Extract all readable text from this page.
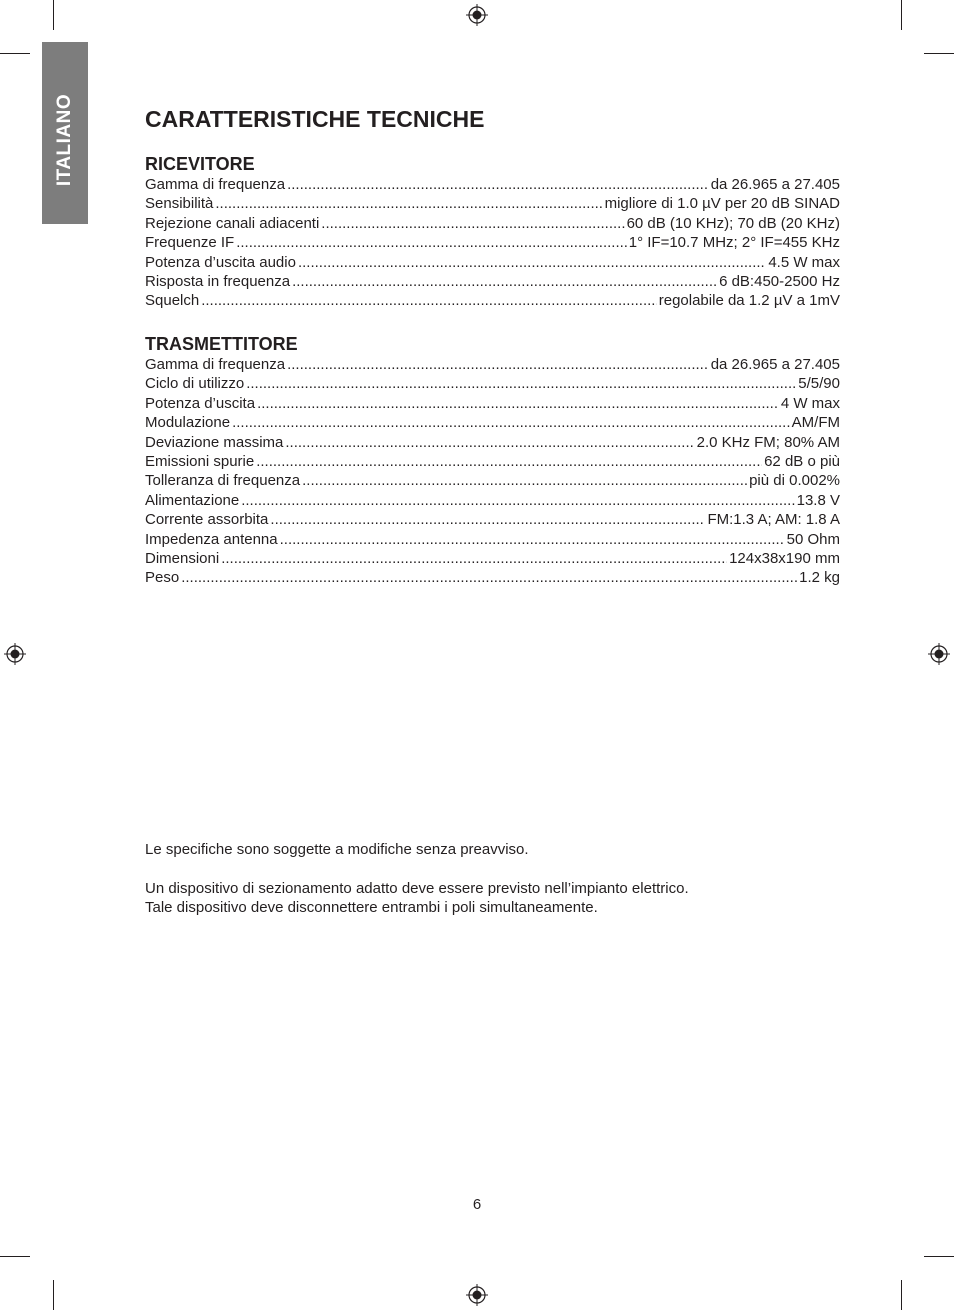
ITALIANO	CARATTERISTICHE TECNICHE
RICEVITORE
Gamma di frequenza .....	da 26.965 a 27.405
Sensibilità .....	migliore di 1.0 µV per 20 dB SINAD
Rejezione canali adiacenti .....	60 dB (10 KHz); 70 dB (20 KHz)
Frequenze IF .....	1° IF=10.7 MHz; 2° IF=455 KHz
Potenza d’uscita audio .....	4.5 W max
Risposta in frequenza .....	6 dB:450-2500 Hz
Squelch .....	regolabile da 1.2 µV a 1mV
TRASMETTITORE
Gamma di frequenza .....	da 26.965 a 27.405
Ciclo di utilizzo .....	5/5/90
Potenza d’uscita .....	4 W max
Modulazione .....	AM/FM
Deviazione massima .....	2.0 KHz FM; 80% AM
Emissioni spurie .....	62 dB o più
Tolleranza di frequenza .....	più di 0.002%
Alimentazione .....	13.8 V
Corrente assorbita .....	FM:1.3 A; AM: 1.8 A
Impedenza antenna .....	50 Ohm
Dimensioni .....	124x38x190 mm
Peso .....	1.2 kg

Le specifiche sono soggette a modifiche senza preavviso.

Un dispositivo di sezionamento adatto deve essere previsto nell’impianto elettrico.

Tale dispositivo deve disconnettere entrambi i poli simultaneamente.

6
